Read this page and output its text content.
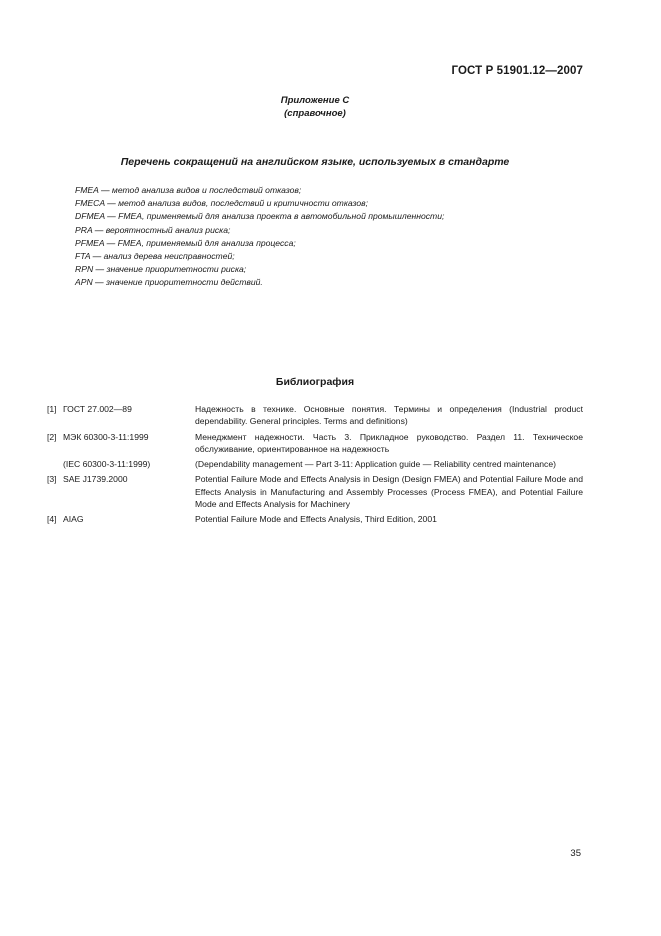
ГОСТ Р 51901.12—2007
Приложение С
(справочное)
Перечень сокращений на английском языке, используемых в стандарте
FMEA — метод анализа видов и последствий отказов;
FMECA — метод анализа видов, последствий и критичности отказов;
DFMEA — FMEA, применяемый для анализа проекта в автомобильной промышленности;
PRA — вероятностный анализ риска;
PFMEA — FMEA, применяемый для анализа процесса;
FTA — анализ дерева неисправностей;
RPN — значение приоритетности риска;
APN — значение приоритетности действий.
Библиография
[1] ГОСТ 27.002—89	Надежность в технике. Основные понятия. Термины и определения (Industrial product dependability. General principles. Terms and definitions)
[2] МЭК 60300-3-11:1999	Менеджмент надежности. Часть 3. Прикладное руководство. Раздел 11. Техническое обслуживание, ориентированное на надежность
(IEC 60300-3-11:1999)	(Dependability management — Part 3-11: Application guide — Reliability centred maintenance)
[3] SAE J1739.2000	Potential Failure Mode and Effects Analysis in Design (Design FMEA) and Potential Failure Mode and Effects Analysis in Manufacturing and Assembly Processes (Process FMEA), and Potential Failure Mode and Effects Analysis for Machinery
[4] AIAG	Potential Failure Mode and Effects Analysis, Third Edition, 2001
35
